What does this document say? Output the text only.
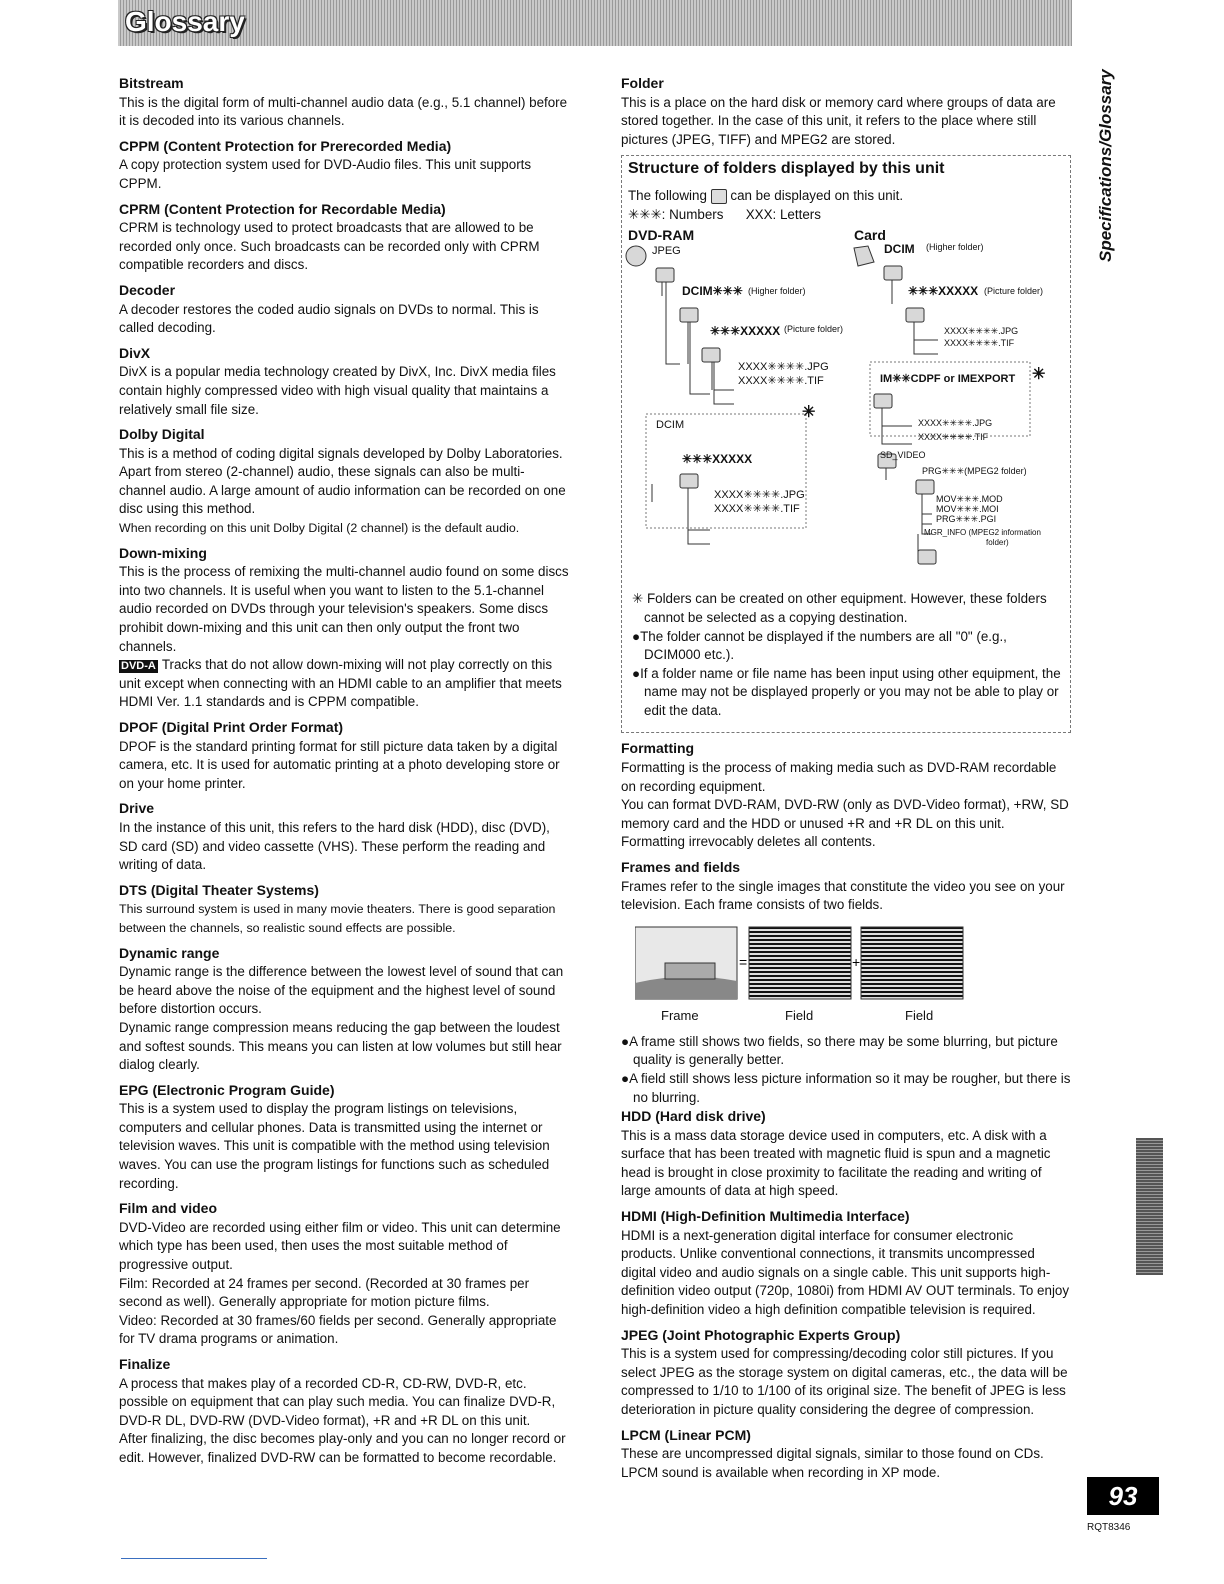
Glossary
Specifications/Glossary
Bitstream

This is the digital form of multi-channel audio data (e.g., 5.1 channel) before it is decoded into its various channels.

CPPM (Content Protection for Prerecorded Media)

A copy protection system used for DVD-Audio files. This unit supports CPPM.

CPRM (Content Protection for Recordable Media)

CPRM is technology used to protect broadcasts that are allowed to be recorded only once. Such broadcasts can be recorded only with CPRM compatible recorders and discs.

Decoder

A decoder restores the coded audio signals on DVDs to normal. This is called decoding.

DivX

DivX is a popular media technology created by DivX, Inc. DivX media files contain highly compressed video with high visual quality that maintains a relatively small file size.

Dolby Digital

This is a method of coding digital signals developed by Dolby Laboratories. Apart from stereo (2-channel) audio, these signals can also be multi-channel audio. A large amount of audio information can be recorded on one disc using this method.

When recording on this unit Dolby Digital (2 channel) is the default audio.

Down-mixing

This is the process of remixing the multi-channel audio found on some discs into two channels. It is useful when you want to listen to the 5.1-channel audio recorded on DVDs through your television's speakers. Some discs prohibit down-mixing and this unit can then only output the front two channels.

DVD-A Tracks that do not allow down-mixing will not play correctly on this unit except when connecting with an HDMI cable to an amplifier that meets HDMI Ver. 1.1 standards and is CPPM compatible.

DPOF (Digital Print Order Format)

DPOF is the standard printing format for still picture data taken by a digital camera, etc. It is used for automatic printing at a photo developing store or on your home printer.

Drive

In the instance of this unit, this refers to the hard disk (HDD), disc (DVD), SD card (SD) and video cassette (VHS). These perform the reading and writing of data.

DTS (Digital Theater Systems)

This surround system is used in many movie theaters. There is good separation between the channels, so realistic sound effects are possible.

Dynamic range

Dynamic range is the difference between the lowest level of sound that can be heard above the noise of the equipment and the highest level of sound before distortion occurs.

Dynamic range compression means reducing the gap between the loudest and softest sounds. This means you can listen at low volumes but still hear dialog clearly.

EPG (Electronic Program Guide)

This is a system used to display the program listings on televisions, computers and cellular phones. Data is transmitted using the internet or television waves. This unit is compatible with the method using television waves. You can use the program listings for functions such as scheduled recording.

Film and video

DVD-Video are recorded using either film or video. This unit can determine which type has been used, then uses the most suitable method of progressive output.

Film: Recorded at 24 frames per second. (Recorded at 30 frames per second as well). Generally appropriate for motion picture films.

Video: Recorded at 30 frames/60 fields per second. Generally appropriate for TV drama programs or animation.

Finalize

A process that makes play of a recorded CD-R, CD-RW, DVD-R, etc. possible on equipment that can play such media. You can finalize DVD-R, DVD-R DL, DVD-RW (DVD-Video format), +R and +R DL on this unit.

After finalizing, the disc becomes play-only and you can no longer record or edit. However, finalized DVD-RW can be formatted to become recordable.

Folder

This is a place on the hard disk or memory card where groups of data are stored together. In the case of this unit, it refers to the place where still pictures (JPEG, TIFF) and MPEG2 are stored.

Structure of folders displayed by this unit

The following can be displayed on this unit.

✳✳✳: Numbers      XXX: Letters

DVD-RAM	Card
JPEG
DCIM✳✳✳ (Higher folder)
✳✳✳XXXXX (Picture folder)
XXXX✳✳✳✳.JPG
XXXX✳✳✳✳.TIF
DCIM
✳
✳✳✳XXXXX
XXXX✳✳✳✳.JPG
XXXX✳✳✳✳.TIF
DCIM (Higher folder)
✳✳✳XXXXX (Picture folder)
XXXX✳✳✳✳.JPG
XXXX✳✳✳✳.TIF
IM✳✳CDPF or IMEXPORT ✳
XXXX✳✳✳✳.JPG
XXXX✳✳✳✳.TIF
SD_VIDEO
PRG✳✳✳(MPEG2 folder)
MOV✳✳✳.MOD
MOV✳✳✳.MOI
PRG✳✳✳.PGI
MGR_INFO (MPEG2 information
folder)

✳ Folders can be created on other equipment. However, these folders cannot be selected as a copying destination.

●The folder cannot be displayed if the numbers are all "0" (e.g., DCIM000 etc.).

●If a folder name or file name has been input using other equipment, the name may not be displayed properly or you may not be able to play or edit the data.

Formatting

Formatting is the process of making media such as DVD-RAM recordable on recording equipment.

You can format DVD-RAM, DVD-RW (only as DVD-Video format), +RW, SD memory card and the HDD or unused +R and +R DL on this unit. Formatting irrevocably deletes all contents.

Frames and fields

Frames refer to the single images that constitute the video you see on your television. Each frame consists of two fields.

=	+
Frame	Field	Field

●A frame still shows two fields, so there may be some blurring, but picture quality is generally better.

●A field still shows less picture information so it may be rougher, but there is no blurring.

HDD (Hard disk drive)

This is a mass data storage device used in computers, etc. A disk with a surface that has been treated with magnetic fluid is spun and a magnetic head is brought in close proximity to facilitate the reading and writing of large amounts of data at high speed.

HDMI (High-Definition Multimedia Interface)

HDMI is a next-generation digital interface for consumer electronic products. Unlike conventional connections, it transmits uncompressed digital video and audio signals on a single cable. This unit supports high-definition video output (720p, 1080i) from HDMI AV OUT terminals. To enjoy high-definition video a high definition compatible television is required.

JPEG (Joint Photographic Experts Group)

This is a system used for compressing/decoding color still pictures. If you select JPEG as the storage system on digital cameras, etc., the data will be compressed to 1/10 to 1/100 of its original size. The benefit of JPEG is less deterioration in picture quality considering the degree of compression.

LPCM (Linear PCM)

These are uncompressed digital signals, similar to those found on CDs. LPCM sound is available when recording in XP mode.

93
RQT8346
